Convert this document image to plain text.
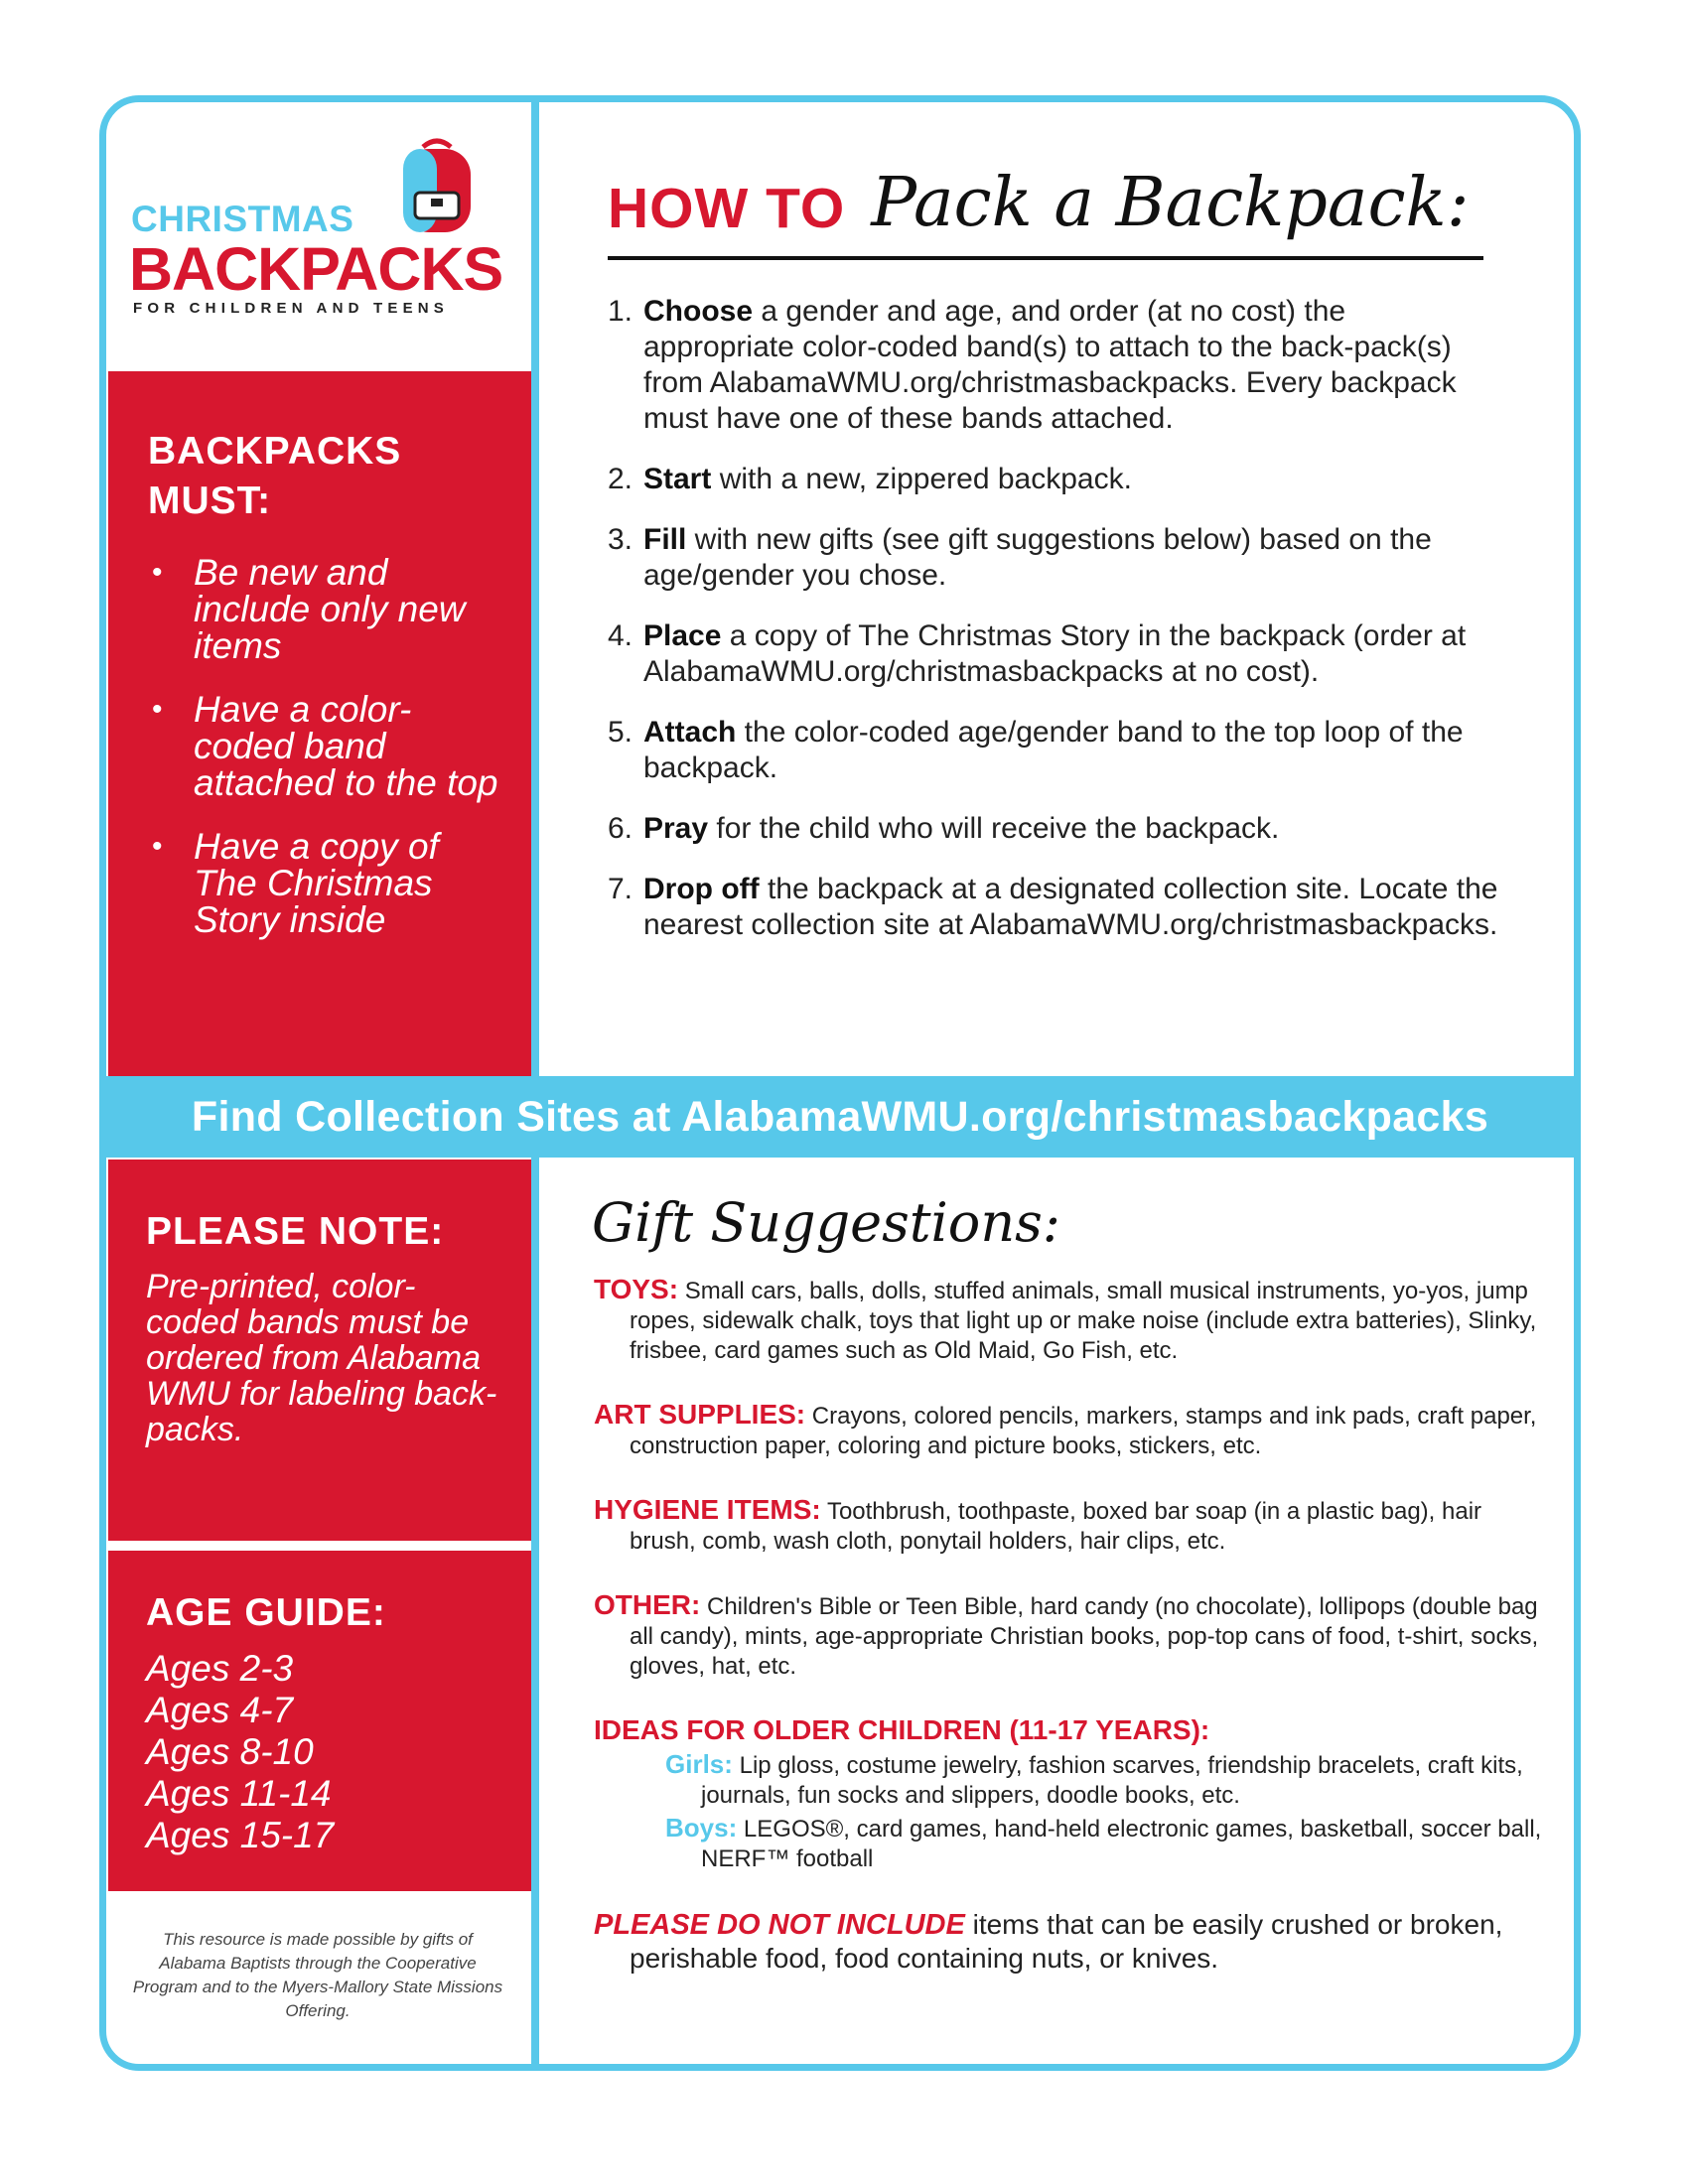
CHRISTMAS
BACKPACKS
FOR CHILDREN AND TEENS
BACKPACKS MUST:
• Be new and include only new items
• Have a color-coded band attached to the top
• Have a copy of The Christmas Story inside
Find Collection Sites at AlabamaWMU.org/christmasbackpacks
PLEASE NOTE:

Pre-printed, color-coded bands must be ordered from Alabama WMU for labeling back-packs.

AGE GUIDE:
Ages 2-3
Ages 4-7
Ages 8-10
Ages 11-14
Ages 15-17
This resource is made possible by gifts of Alabama Baptists through the Cooperative Program and to the Myers-Mallory State Missions Offering.
HOW TO Pack a Backpack:
1. Choose a gender and age, and order (at no cost) the appropriate color-coded band(s) to attach to the back-pack(s) from AlabamaWMU.org/christmasbackpacks. Every backpack must have one of these bands attached.
2. Start with a new, zippered backpack.
3. Fill with new gifts (see gift suggestions below) based on the age/gender you chose.
4. Place a copy of The Christmas Story in the backpack (order at AlabamaWMU.org/christmasbackpacks at no cost).
5. Attach the color-coded age/gender band to the top loop of the backpack.
6. Pray for the child who will receive the backpack.
7. Drop off the backpack at a designated collection site. Locate the nearest collection site at AlabamaWMU.org/christmasbackpacks.
Gift Suggestions:
TOYS: Small cars, balls, dolls, stuffed animals, small musical instruments, yo-yos, jump ropes, sidewalk chalk, toys that light up or make noise (include extra batteries), Slinky, frisbee, card games such as Old Maid, Go Fish, etc.
ART SUPPLIES: Crayons, colored pencils, markers, stamps and ink pads, craft paper, construction paper, coloring and picture books, stickers, etc.
HYGIENE ITEMS: Toothbrush, toothpaste, boxed bar soap (in a plastic bag), hair brush, comb, wash cloth, ponytail holders, hair clips, etc.
OTHER: Children's Bible or Teen Bible, hard candy (no chocolate), lollipops (double bag all candy), mints, age-appropriate Christian books, pop-top cans of food, t-shirt, socks, gloves, hat, etc.
IDEAS FOR OLDER CHILDREN (11-17 YEARS):
Girls: Lip gloss, costume jewelry, fashion scarves, friendship bracelets, craft kits, journals, fun socks and slippers, doodle books, etc.
Boys: LEGOS®, card games, hand-held electronic games, basketball, soccer ball, NERF™ football
PLEASE DO NOT INCLUDE items that can be easily crushed or broken, perishable food, food containing nuts, or knives.
